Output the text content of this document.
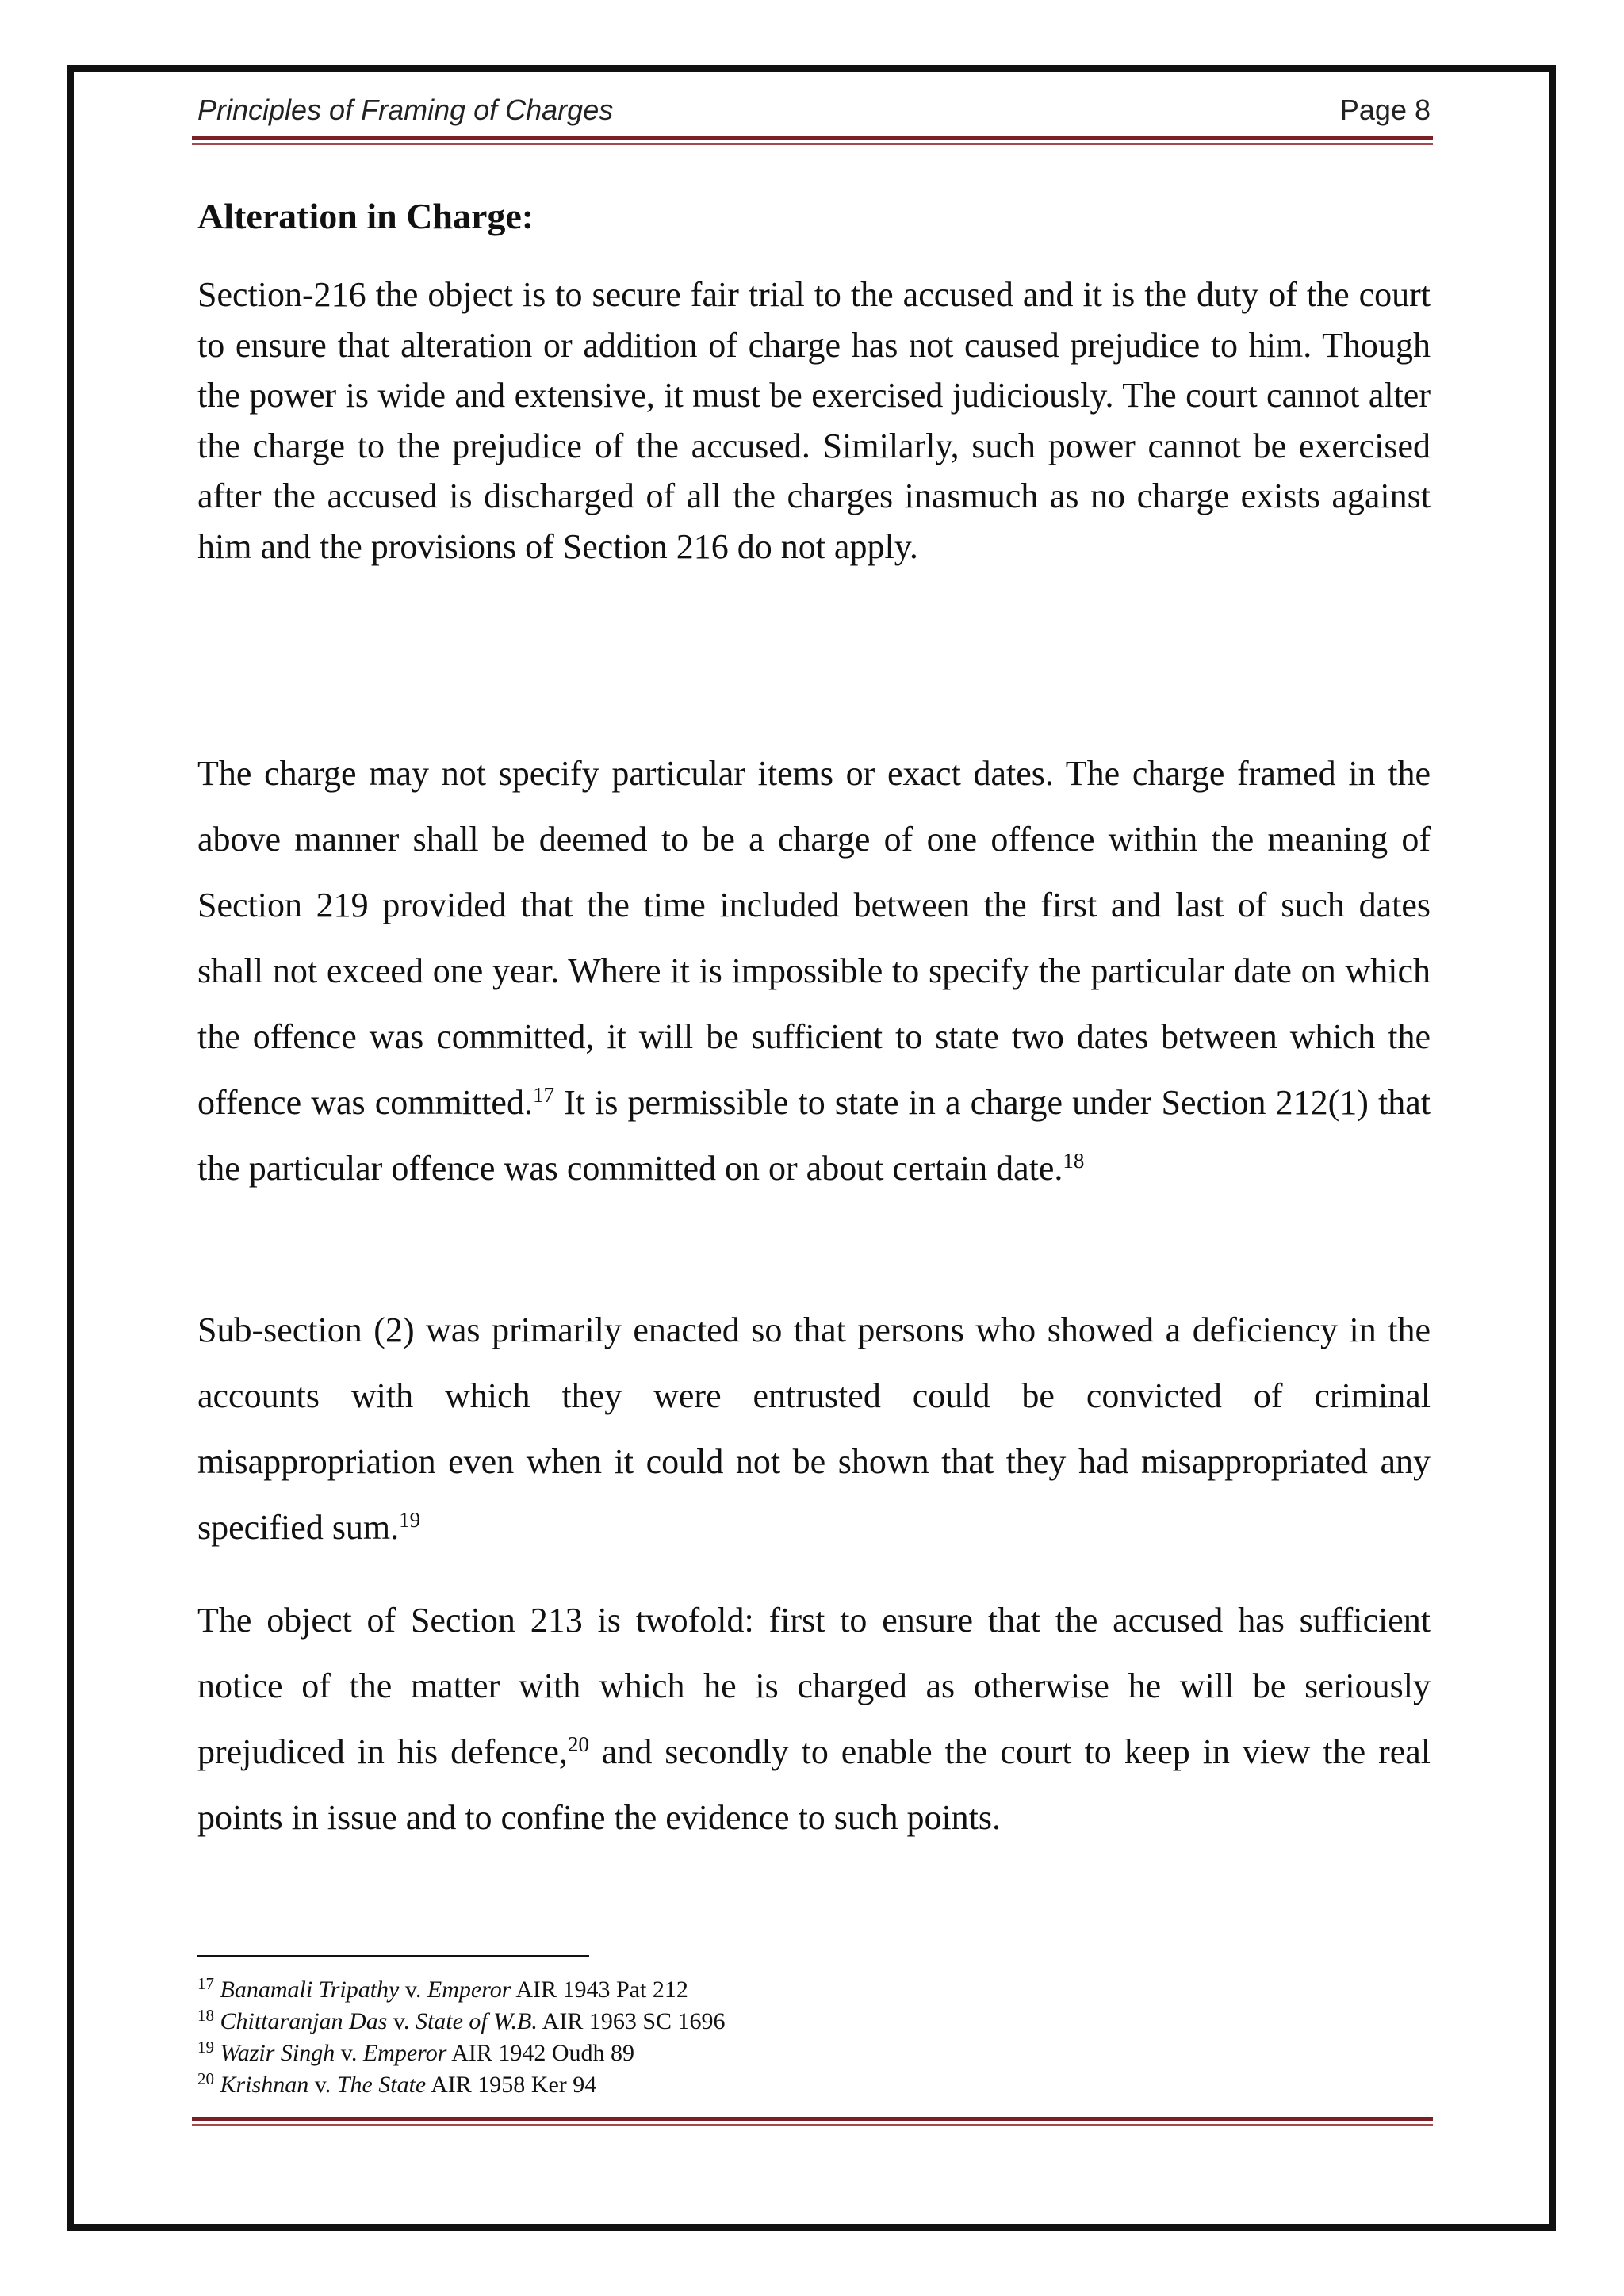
Principles of Framing of Charges	Page 8
Alteration in Charge:

Section-216 the object is to secure fair trial to the accused and it is the duty of the court to ensure that alteration or addition of charge has not caused prejudice to him. Though the power is wide and extensive, it must be exercised judiciously. The court cannot alter the charge to the prejudice of the accused. Similarly, such power cannot be exercised after the accused is discharged of all the charges inasmuch as no charge exists against him and the provisions of Section 216 do not apply.

The charge may not specify particular items or exact dates. The charge framed in the above manner shall be deemed to be a charge of one offence within the meaning of Section 219 provided that the time included between the first and last of such dates shall not exceed one year. Where it is impossible to specify the particular date on which the offence was committed, it will be sufficient to state two dates between which the offence was committed.$^{17}$ It is permissible to state in a charge under Section 212(1) that the particular offence was committed on or about certain date.$^{18}$

Sub-section (2) was primarily enacted so that persons who showed a deficiency in the accounts with which they were entrusted could be convicted of criminal misappropriation even when it could not be shown that they had misappropriated any specified sum.$^{19}$

The object of Section 213 is twofold: first to ensure that the accused has sufficient notice of the matter with which he is charged as otherwise he will be seriously prejudiced in his defence,$^{20}$ and secondly to enable the court to keep in view the real points in issue and to confine the evidence to such points.

$^{17}$ Banamali Tripathy v. Emperor AIR 1943 Pat 212
$^{18}$ Chittaranjan Das v. State of W.B. AIR 1963 SC 1696
$^{19}$ Wazir Singh v. Emperor AIR 1942 Oudh 89
$^{20}$ Krishnan v. The State AIR 1958 Ker 94
